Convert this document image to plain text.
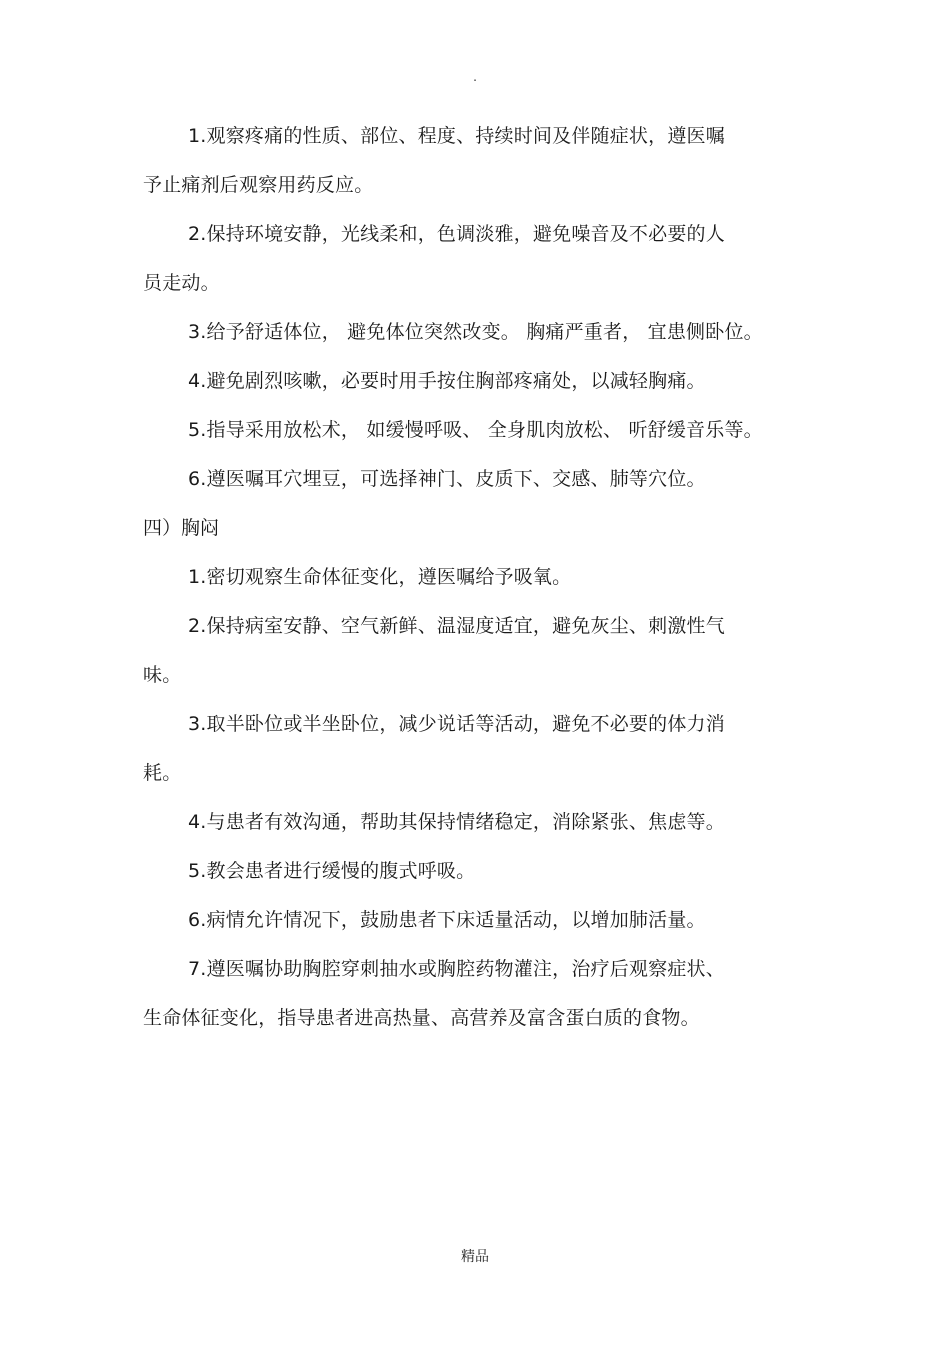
.

1.观察疼痛的性质、部位、程度、持续时间及伴随症状，遵医嘱
予止痛剂后观察用药反应。

2.保持环境安静，光线柔和，色调淡雅，避免噪音及不必要的人
员走动。

3.给予舒适体位， 避免体位突然改变。 胸痛严重者， 宜患侧卧位。

4.避免剧烈咳嗽，必要时用手按住胸部疼痛处，以减轻胸痛。

5.指导采用放松术， 如缓慢呼吸、 全身肌肉放松、 听舒缓音乐等。

6.遵医嘱耳穴埋豆，可选择神门、皮质下、交感、肺等穴位。

四）胸闷

1.密切观察生命体征变化，遵医嘱给予吸氧。

2.保持病室安静、空气新鲜、温湿度适宜，避免灰尘、刺激性气
味。

3.取半卧位或半坐卧位，减少说话等活动，避免不必要的体力消
耗。

4.与患者有效沟通，帮助其保持情绪稳定，消除紧张、焦虑等。

5.教会患者进行缓慢的腹式呼吸。

6.病情允许情况下，鼓励患者下床适量活动，以增加肺活量。

7.遵医嘱协助胸腔穿刺抽水或胸腔药物灌注，治疗后观察症状、
生命体征变化，指导患者进高热量、高营养及富含蛋白质的食物。

精品
